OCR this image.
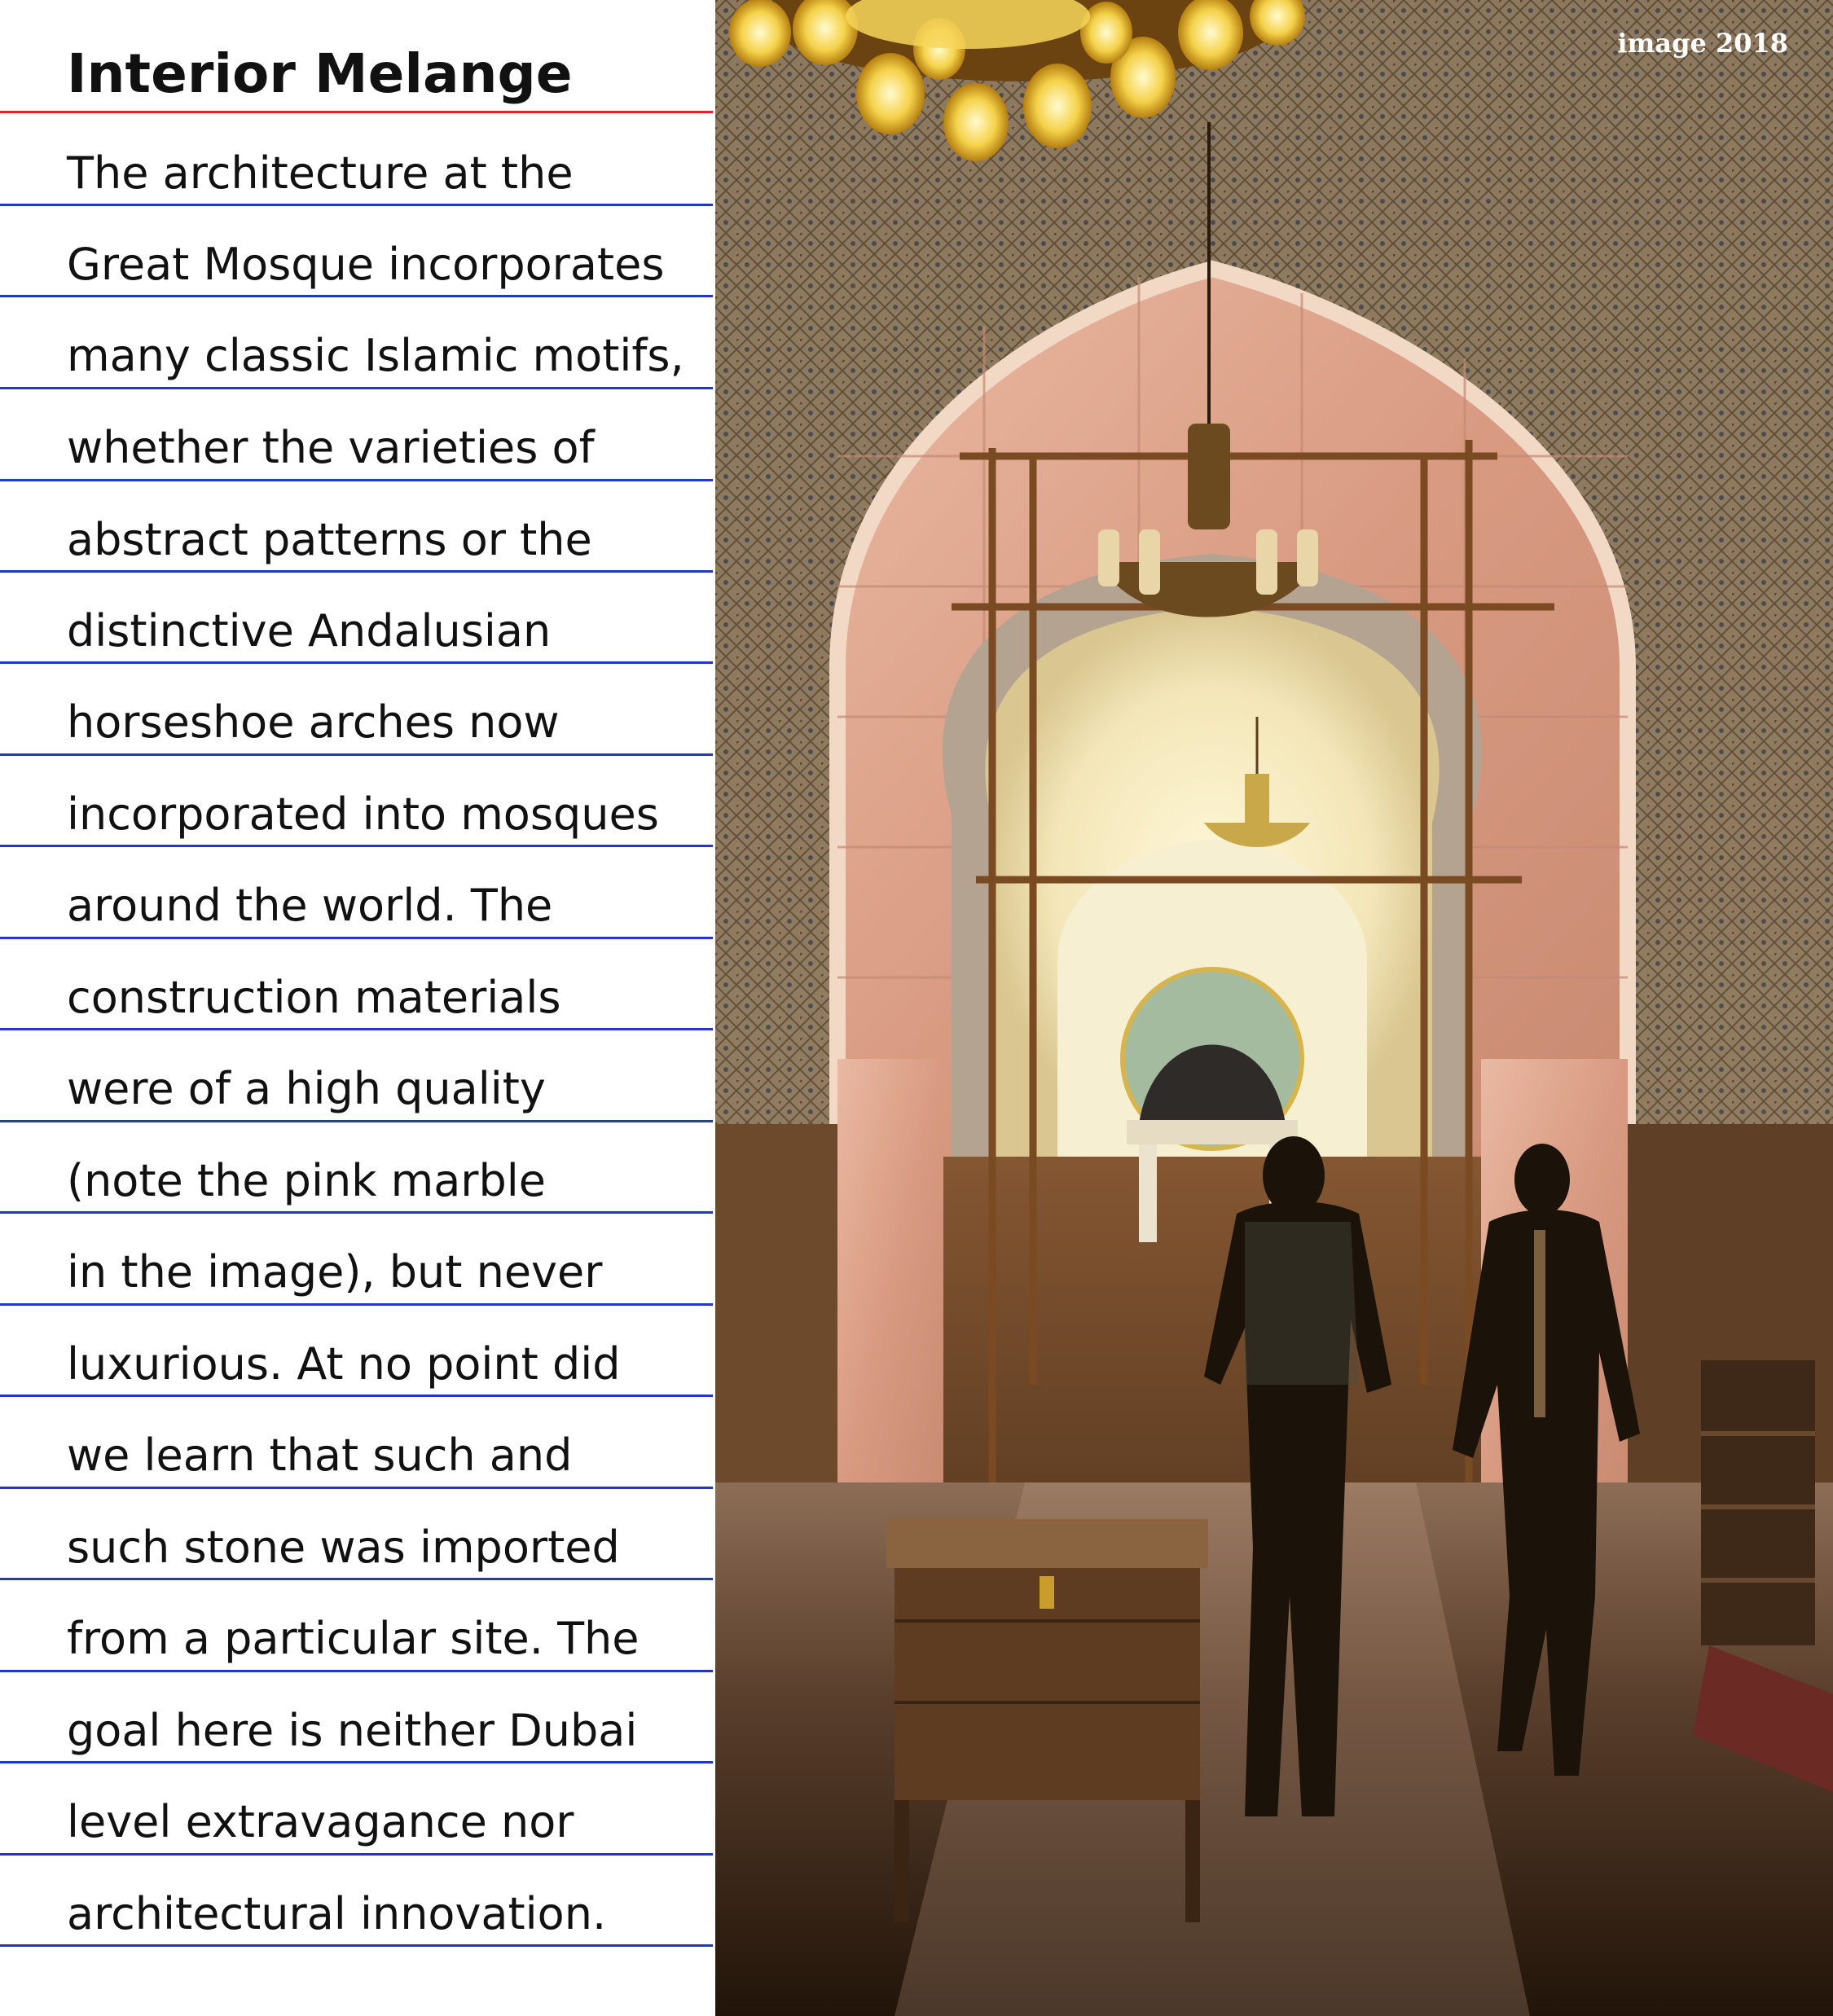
Interior Melange
The architecture at the
Great Mosque incorporates
many classic Islamic motifs,
whether the varieties of
abstract patterns or the
distinctive Andalusian
horseshoe arches now
incorporated into mosques
around the world. The
construction materials
were of a high quality
(note the pink marble
in the image), but never
luxurious. At no point did
we learn that such and
such stone was imported
from a particular site. The
goal here is neither Dubai
level extravagance nor
architectural innovation.
image 2018
